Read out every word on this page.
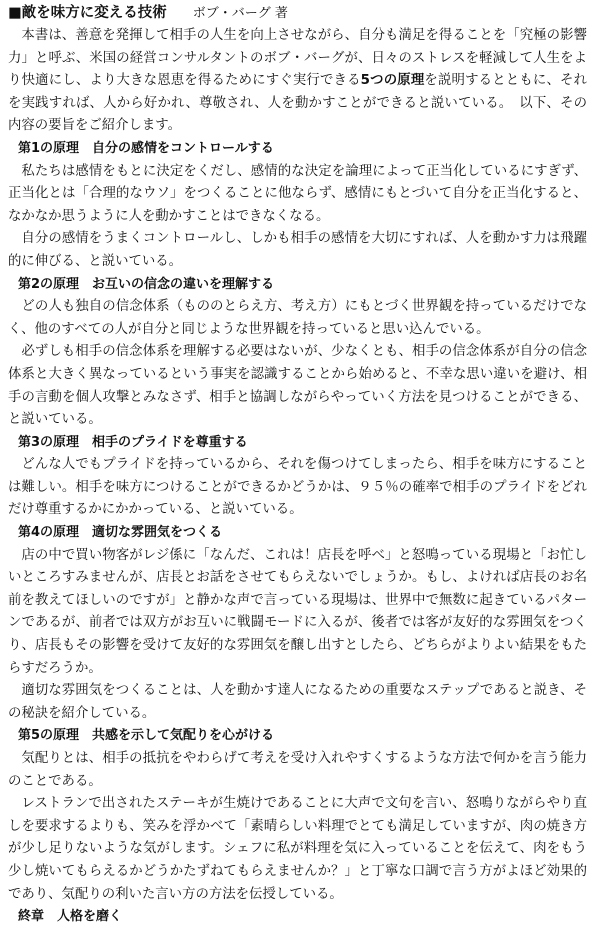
■敵を味方に変える技術 ボブ・バーグ 著

本書は、善意を発揮して相手の人生を向上させながら、自分も満足を得ることを「究極の影響力」と呼ぶ、米国の経営コンサルタントのボブ・バーグが、日々のストレスを軽減して人生をより快適にし、より大きな恩恵を得るためにすぐ実行できる5つの原理を説明するとともに、それを実践すれば、人から好かれ、尊敬され、人を動かすことができると説いている。　以下、その内容の要旨をご紹介します。

第1の原理　自分の感情をコントロールする

私たちは感情をもとに決定をくだし、感情的な決定を論理によって正当化しているにすぎず、正当化とは「合理的なウソ」をつくることに他ならず、感情にもとづいて自分を正当化すると、なかなか思うように人を動かすことはできなくなる。

自分の感情をうまくコントロールし、しかも相手の感情を大切にすれば、人を動かす力は飛躍的に伸びる、と説いている。

第2の原理　お互いの信念の違いを理解する

どの人も独自の信念体系（もののとらえ方、考え方）にもとづく世界観を持っているだけでなく、他のすべての人が自分と同じような世界観を持っていると思い込んでいる。

必ずしも相手の信念体系を理解する必要はないが、少なくとも、相手の信念体系が自分の信念体系と大きく異なっているという事実を認識することから始めると、不幸な思い違いを避け、相手の言動を個人攻撃とみなさず、相手と協調しながらやっていく方法を見つけることができる、と説いている。

第3の原理　相手のプライドを尊重する

どんな人でもプライドを持っているから、それを傷つけてしまったら、相手を味方にすることは難しい。相手を味方につけることができるかどうかは、９５％の確率で相手のプライドをどれだけ尊重するかにかかっている、と説いている。

第4の原理　適切な雰囲気をつくる

店の中で買い物客がレジ係に「なんだ、これは！店長を呼べ」と怒鳴っている現場と「お忙しいところすみませんが、店長とお話をさせてもらえないでしょうか。もし、よければ店長のお名前を教えてほしいのですが」と静かな声で言っている現場は、世界中で無数に起きているパターンであるが、前者では双方がお互いに戦闘モードに入るが、後者では客が友好的な雰囲気をつくり、店長もその影響を受けて友好的な雰囲気を醸し出すとしたら、どちらがよりよい結果をもたらすだろうか。

適切な雰囲気をつくることは、人を動かす達人になるための重要なステップであると説き、その秘訣を紹介している。

第5の原理　共感を示して気配りを心がける

気配りとは、相手の抵抗をやわらげて考えを受け入れやすくするような方法で何かを言う能力のことである。

レストランで出されたステーキが生焼けであることに大声で文句を言い、怒鳴りながらやり直しを要求するよりも、笑みを浮かべて「素晴らしい料理でとても満足していますが、肉の焼き方が少し足りないような気がします。シェフに私が料理を気に入っていることを伝えて、肉をもう少し焼いてもらえるかどうかたずねてもらえませんか？」と丁寧な口調で言う方がよほど効果的であり、気配りの利いた言い方の方法を伝授している。

終章　人格を磨く
